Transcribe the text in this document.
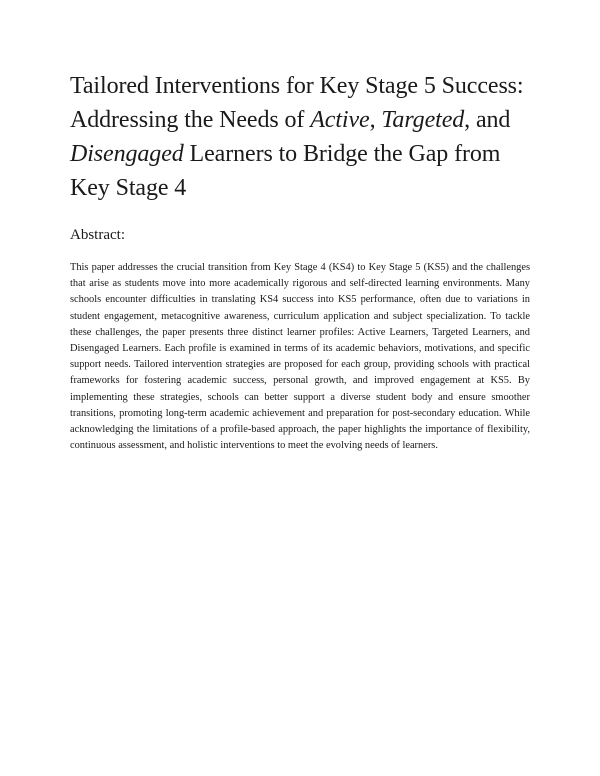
Tailored Interventions for Key Stage 5 Success: Addressing the Needs of Active, Targeted, and Disengaged Learners to Bridge the Gap from Key Stage 4
Abstract:

This paper addresses the crucial transition from Key Stage 4 (KS4) to Key Stage 5 (KS5) and the challenges that arise as students move into more academically rigorous and self-directed learning environments. Many schools encounter difficulties in translating KS4 success into KS5 performance, often due to variations in student engagement, metacognitive awareness, curriculum application and subject specialization. To tackle these challenges, the paper presents three distinct learner profiles: Active Learners, Targeted Learners, and Disengaged Learners. Each profile is examined in terms of its academic behaviors, motivations, and specific support needs. Tailored intervention strategies are proposed for each group, providing schools with practical frameworks for fostering academic success, personal growth, and improved engagement at KS5. By implementing these strategies, schools can better support a diverse student body and ensure smoother transitions, promoting long-term academic achievement and preparation for post-secondary education. While acknowledging the limitations of a profile-based approach, the paper highlights the importance of flexibility, continuous assessment, and holistic interventions to meet the evolving needs of learners.
